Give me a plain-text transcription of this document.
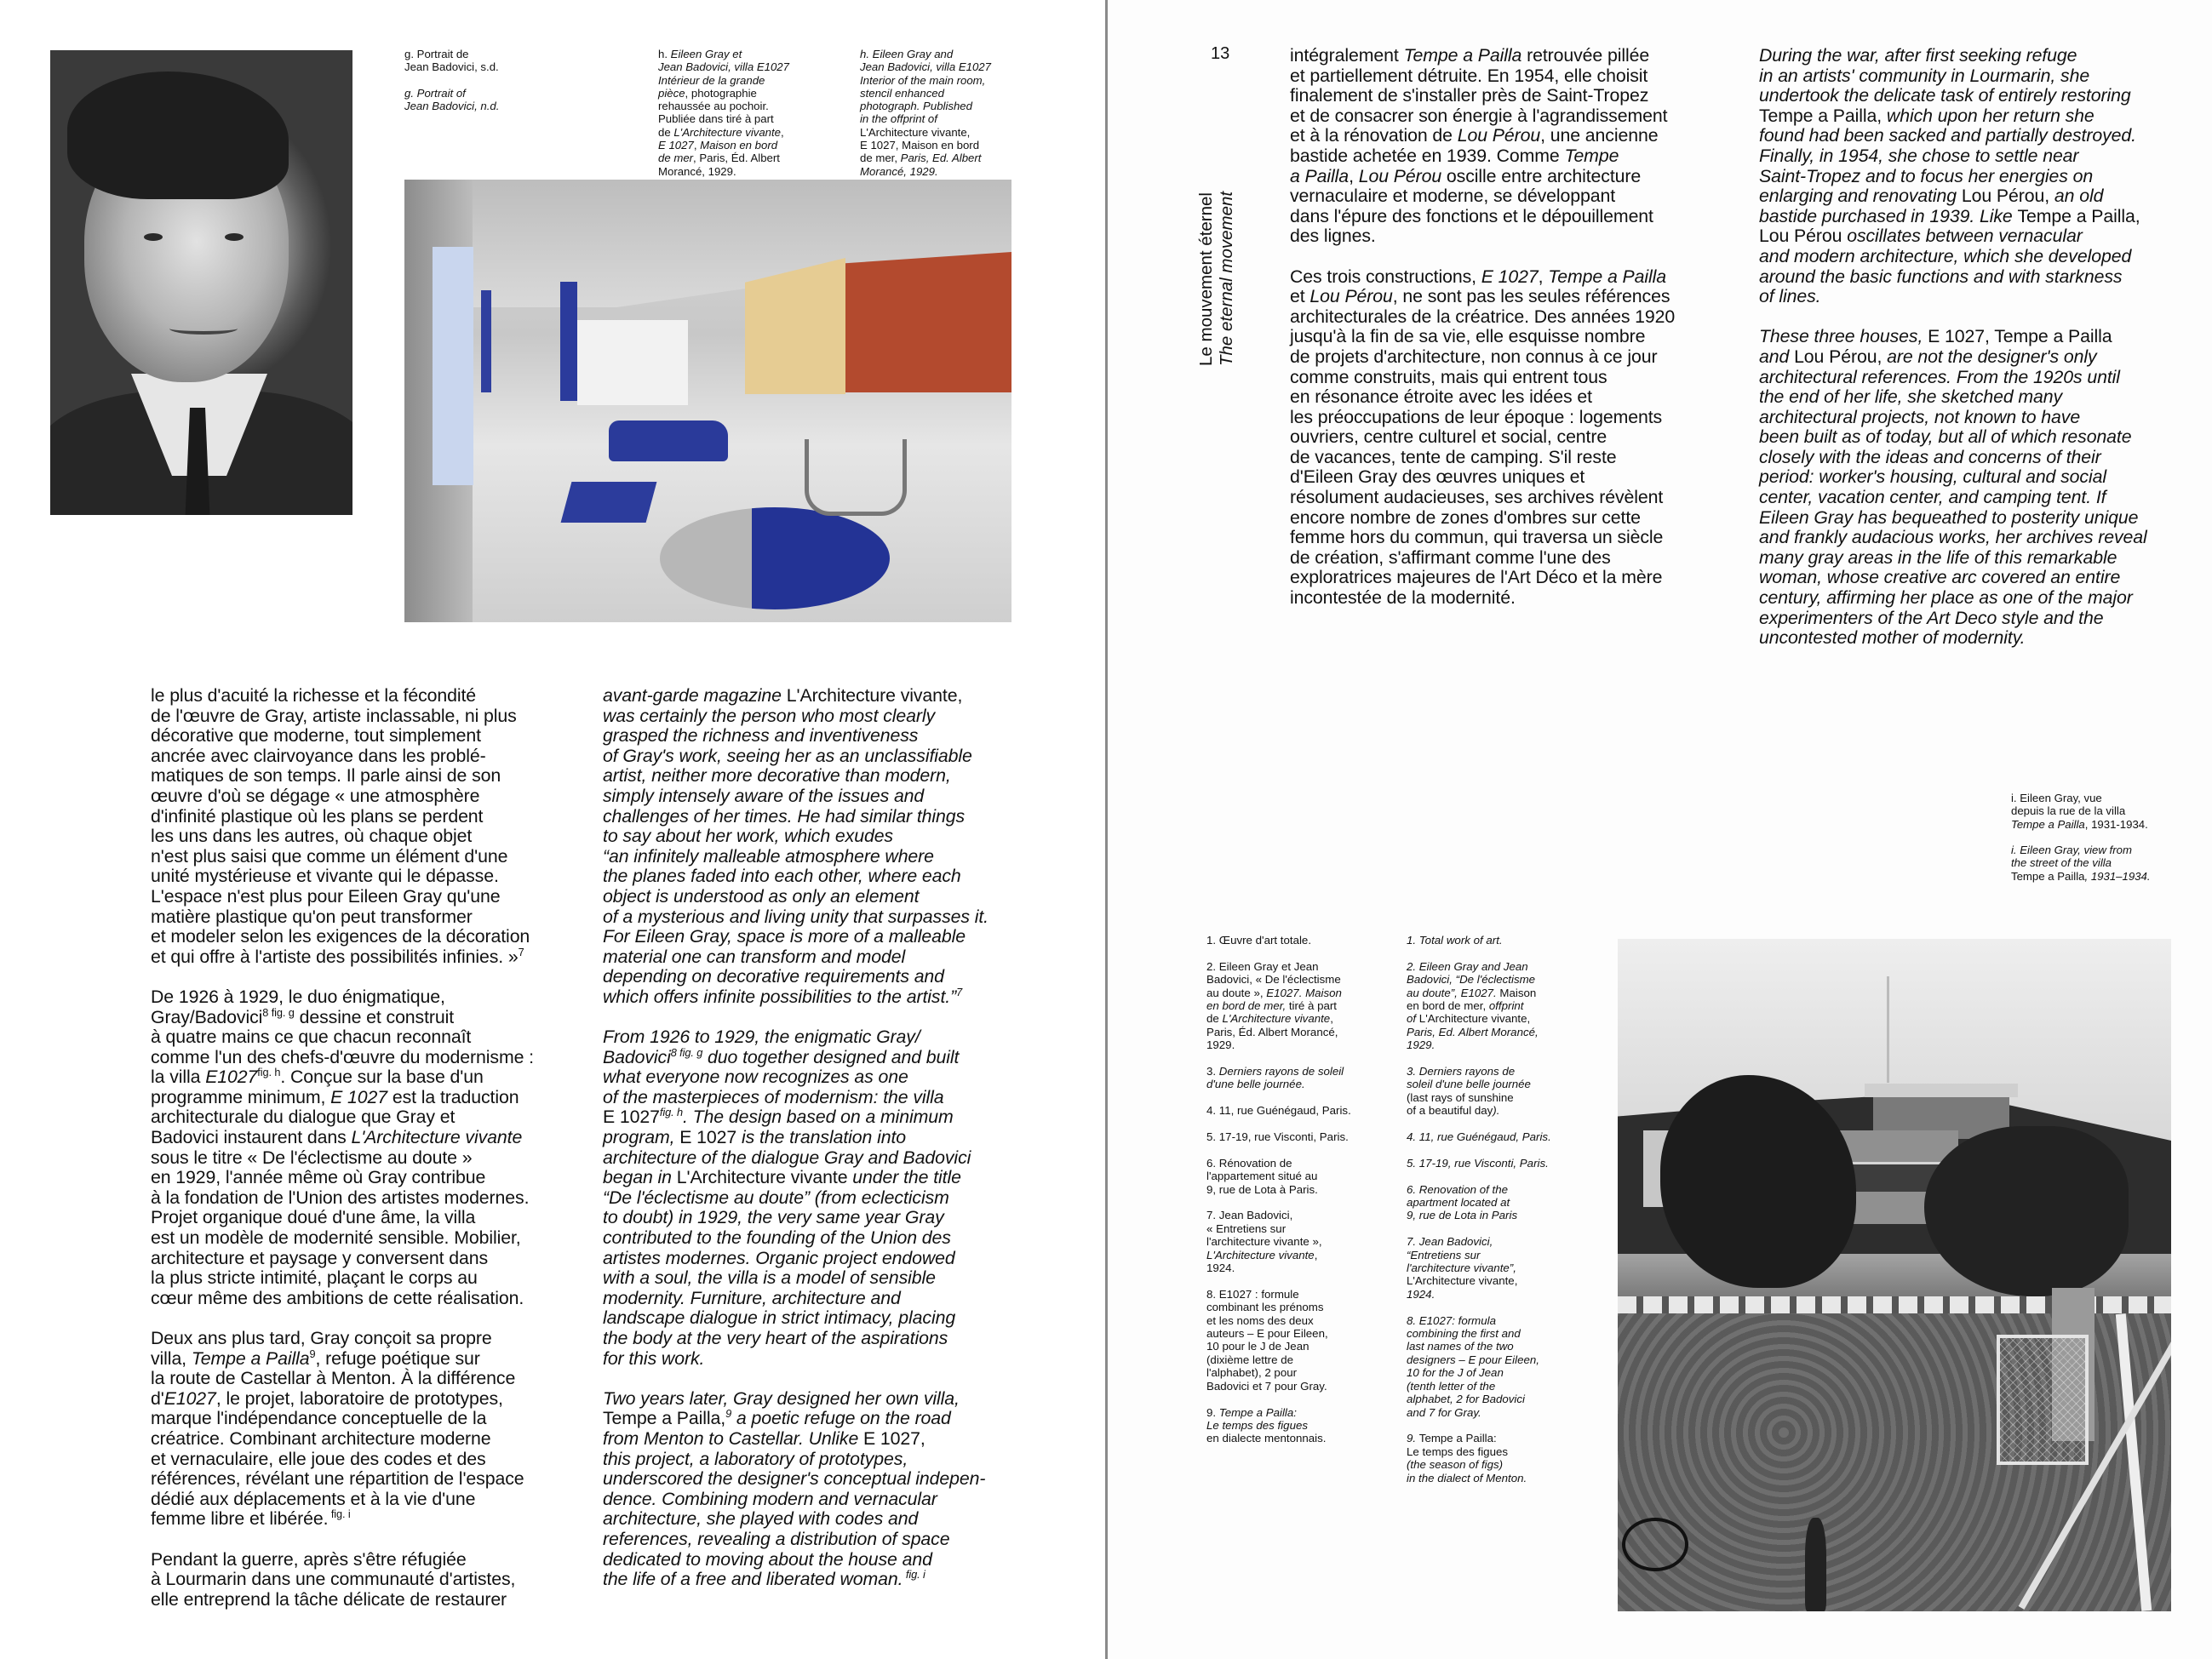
g. Portrait de
Jean Badovici, s.d.

g. Portrait of
Jean Badovici, n.d.

h. Eileen Gray et
Jean Badovici, villa E1027
Intérieur de la grande
pièce, photographie
rehaussée au pochoir.
Publiée dans tiré à part
de L'Architecture vivante,
E 1027, Maison en bord
de mer, Paris, Éd. Albert
Morancé, 1929.

h. Eileen Gray and
Jean Badovici, villa E1027
Interior of the main room,
stencil enhanced
photograph. Published
in the offprint of
L'Architecture vivante,
E 1027, Maison en bord
de mer, Paris, Ed. Albert
Morancé, 1929.

le plus d'acuité la richesse et la fécondité
de l'œuvre de Gray, artiste inclassable, ni plus
décorative que moderne, tout simplement
ancrée avec clairvoyance dans les problé-
matiques de son temps. Il parle ainsi de son
œuvre d'où se dégage « une atmosphère
d'infinité plastique où les plans se perdent
les uns dans les autres, où chaque objet
n'est plus saisi que comme un élément d'une
unité mystérieuse et vivante qui le dépasse.
L'espace n'est plus pour Eileen Gray qu'une
matière plastique qu'on peut transformer
et modeler selon les exigences de la décoration
et qui offre à l'artiste des possibilités infinies. »$^7$

De 1926 à 1929, le duo énigmatique,
Gray/Badovici$^{8 fig. g}$ dessine et construit
à quatre mains ce que chacun reconnaît
comme l'un des chefs-d'œuvre du modernisme :
la villa $E1027^{fig. h}$. Conçue sur la base d'un
programme minimum, E 1027 est la traduction
architecturale du dialogue que Gray et
Badovici instaurent dans L'Architecture vivante
sous le titre « De l'éclectisme au doute »
en 1929, l'année même où Gray contribue
à la fondation de l'Union des artistes modernes.
Projet organique doué d'une âme, la villa
est un modèle de modernité sensible. Mobilier,
architecture et paysage y conversent dans
la plus stricte intimité, plaçant le corps au
cœur même des ambitions de cette réalisation.

Deux ans plus tard, Gray conçoit sa propre
villa, Tempe a Pailla$^9$, refuge poétique sur
la route de Castellar à Menton. À la différence
d'E1027, le projet, laboratoire de prototypes,
marque l'indépendance conceptuelle de la
créatrice. Combinant architecture moderne
et vernaculaire, elle joue des codes et des
références, révélant une répartition de l'espace
dédié aux déplacements et à la vie d'une
femme libre et libérée. $^{fig. i}$

Pendant la guerre, après s'être réfugiée
à Lourmarin dans une communauté d'artistes,
elle entreprend la tâche délicate de restaurer

avant-garde magazine L'Architecture vivante,
was certainly the person who most clearly
grasped the richness and inventiveness
of Gray's work, seeing her as an unclassifiable
artist, neither more decorative than modern,
simply intensely aware of the issues and
challenges of her times. He had similar things
to say about her work, which exudes
“an infinitely malleable atmosphere where
the planes faded into each other, where each
object is understood as only an element
of a mysterious and living unity that surpasses it.
For Eileen Gray, space is more of a malleable
material one can transform and model
depending on decorative requirements and
which offers infinite possibilities to the artist.”$^7$

From 1926 to 1929, the enigmatic Gray/
Badovici$^{8 fig. g}$ duo together designed and built
what everyone now recognizes as one
of the masterpieces of modernism: the villa
E $1027^{fig. h}$. The design based on a minimum
program, E 1027 is the translation into
architecture of the dialogue Gray and Badovici
began in L'Architecture vivante under the title
“De l'éclectisme au doute” (from eclecticism
to doubt) in 1929, the very same year Gray
contributed to the founding of the Union des
artistes modernes. Organic project endowed
with a soul, the villa is a model of sensible
modernity. Furniture, architecture and
landscape dialogue in strict intimacy, placing
the body at the very heart of the aspirations
for this work.

Two years later, Gray designed her own villa,
Tempe a Pailla,$^9$ a poetic refuge on the road
from Menton to Castellar. Unlike E 1027,
this project, a laboratory of prototypes,
underscored the designer's conceptual indepen-
dence. Combining modern and vernacular
architecture, she played with codes and
references, revealing a distribution of space
dedicated to moving about the house and
the life of a free and liberated woman. $^{fig. i}$

13
Le mouvement éternel The eternal movement

intégralement Tempe a Pailla retrouvée pillée
et partiellement détruite. En 1954, elle choisit
finalement de s'installer près de Saint-Tropez
et de consacrer son énergie à l'agrandissement
et à la rénovation de Lou Pérou, une ancienne
bastide achetée en 1939. Comme Tempe
a Pailla, Lou Pérou oscille entre architecture
vernaculaire et moderne, se développant
dans l'épure des fonctions et le dépouillement
des lignes.

Ces trois constructions, E 1027, Tempe a Pailla
et Lou Pérou, ne sont pas les seules références
architecturales de la créatrice. Des années 1920
jusqu'à la fin de sa vie, elle esquisse nombre
de projets d'architecture, non connus à ce jour
comme construits, mais qui entrent tous
en résonance étroite avec les idées et
les préoccupations de leur époque : logements
ouvriers, centre culturel et social, centre
de vacances, tente de camping. S'il reste
d'Eileen Gray des œuvres uniques et
résolument audacieuses, ses archives révèlent
encore nombre de zones d'ombres sur cette
femme hors du commun, qui traversa un siècle
de création, s'affirmant comme l'une des
exploratrices majeures de l'Art Déco et la mère
incontestée de la modernité.

During the war, after first seeking refuge
in an artists' community in Lourmarin, she
undertook the delicate task of entirely restoring
Tempe a Pailla, which upon her return she
found had been sacked and partially destroyed.
Finally, in 1954, she chose to settle near
Saint-Tropez and to focus her energies on
enlarging and renovating Lou Pérou, an old
bastide purchased in 1939. Like Tempe a Pailla,
Lou Pérou oscillates between vernacular
and modern architecture, which she developed
around the basic functions and with starkness
of lines.

These three houses, E 1027, Tempe a Pailla
and Lou Pérou, are not the designer's only
architectural references. From the 1920s until
the end of her life, she sketched many
architectural projects, not known to have
been built as of today, but all of which resonate
closely with the ideas and concerns of their
period: worker's housing, cultural and social
center, vacation center, and camping tent. If
Eileen Gray has bequeathed to posterity unique
and frankly audacious works, her archives reveal
many gray areas in the life of this remarkable
woman, whose creative arc covered an entire
century, affirming her place as one of the major
experimenters of the Art Deco style and the
uncontested mother of modernity.

i. Eileen Gray, vue
depuis la rue de la villa
Tempe a Pailla, 1931-1934.

i. Eileen Gray, view from
the street of the villa
Tempe a Pailla, 1931–1934.

1. Œuvre d'art totale.

2. Eileen Gray et Jean
Badovici, « De l'éclectisme
au doute », E1027. Maison
en bord de mer, tiré à part
de L'Architecture vivante,
Paris, Éd. Albert Morancé,
1929.

3. Derniers rayons de soleil
d'une belle journée.

4. 11, rue Guénégaud, Paris.

5. 17-19, rue Visconti, Paris.

6. Rénovation de
l'appartement situé au
9, rue de Lota à Paris.

7. Jean Badovici,
« Entretiens sur
l'architecture vivante »,
L'Architecture vivante,
1924.

8. E1027 : formule
combinant les prénoms
et les noms des deux
auteurs – E pour Eileen,
10 pour le J de Jean
(dixième lettre de
l'alphabet), 2 pour
Badovici et 7 pour Gray.

9. Tempe a Pailla:
Le temps des figues
en dialecte mentonnais.

1. Total work of art.

2. Eileen Gray and Jean
Badovici, “De l'éclectisme
au doute”, E1027. Maison
en bord de mer, offprint
of L'Architecture vivante,
Paris, Ed. Albert Morancé,
1929.

3. Derniers rayons de
soleil d'une belle journée
(last rays of sunshine
of a beautiful day).

4. 11, rue Guénégaud, Paris.

5. 17-19, rue Visconti, Paris.

6. Renovation of the
apartment located at
9, rue de Lota in Paris

7. Jean Badovici,
“Entretiens sur
l'architecture vivante”,
L'Architecture vivante,
1924.

8. E1027: formula
combining the first and
last names of the two
designers – E pour Eileen,
10 for the J of Jean
(tenth letter of the
alphabet, 2 for Badovici
and 7 for Gray.

9. Tempe a Pailla:
Le temps des figues
(the season of figs)
in the dialect of Menton.
